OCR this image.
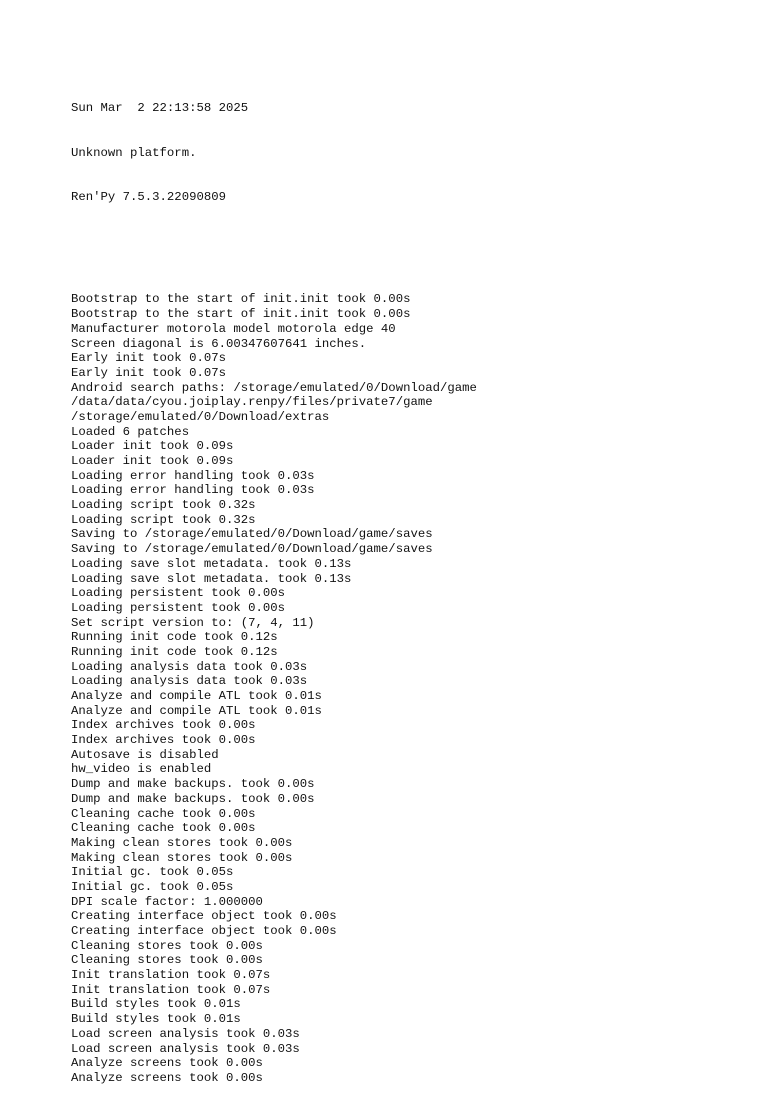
Sun Mar  2 22:13:58 2025

Unknown platform.

Ren'Py 7.5.3.22090809

Bootstrap to the start of init.init took 0.00s
Bootstrap to the start of init.init took 0.00s
Manufacturer motorola model motorola edge 40
Screen diagonal is 6.00347607641 inches.
Early init took 0.07s
Early init took 0.07s
Android search paths: /storage/emulated/0/Download/game
/data/data/cyou.joiplay.renpy/files/private7/game
/storage/emulated/0/Download/extras
Loaded 6 patches
Loader init took 0.09s
Loader init took 0.09s
Loading error handling took 0.03s
Loading error handling took 0.03s
Loading script took 0.32s
Loading script took 0.32s
Saving to /storage/emulated/0/Download/game/saves
Saving to /storage/emulated/0/Download/game/saves
Loading save slot metadata. took 0.13s
Loading save slot metadata. took 0.13s
Loading persistent took 0.00s
Loading persistent took 0.00s
Set script version to: (7, 4, 11)
Running init code took 0.12s
Running init code took 0.12s
Loading analysis data took 0.03s
Loading analysis data took 0.03s
Analyze and compile ATL took 0.01s
Analyze and compile ATL took 0.01s
Index archives took 0.00s
Index archives took 0.00s
Autosave is disabled
hw_video is enabled
Dump and make backups. took 0.00s
Dump and make backups. took 0.00s
Cleaning cache took 0.00s
Cleaning cache took 0.00s
Making clean stores took 0.00s
Making clean stores took 0.00s
Initial gc. took 0.05s
Initial gc. took 0.05s
DPI scale factor: 1.000000
Creating interface object took 0.00s
Creating interface object took 0.00s
Cleaning stores took 0.00s
Cleaning stores took 0.00s
Init translation took 0.07s
Init translation took 0.07s
Build styles took 0.01s
Build styles took 0.01s
Load screen analysis took 0.03s
Load screen analysis took 0.03s
Analyze screens took 0.00s
Analyze screens took 0.00s
